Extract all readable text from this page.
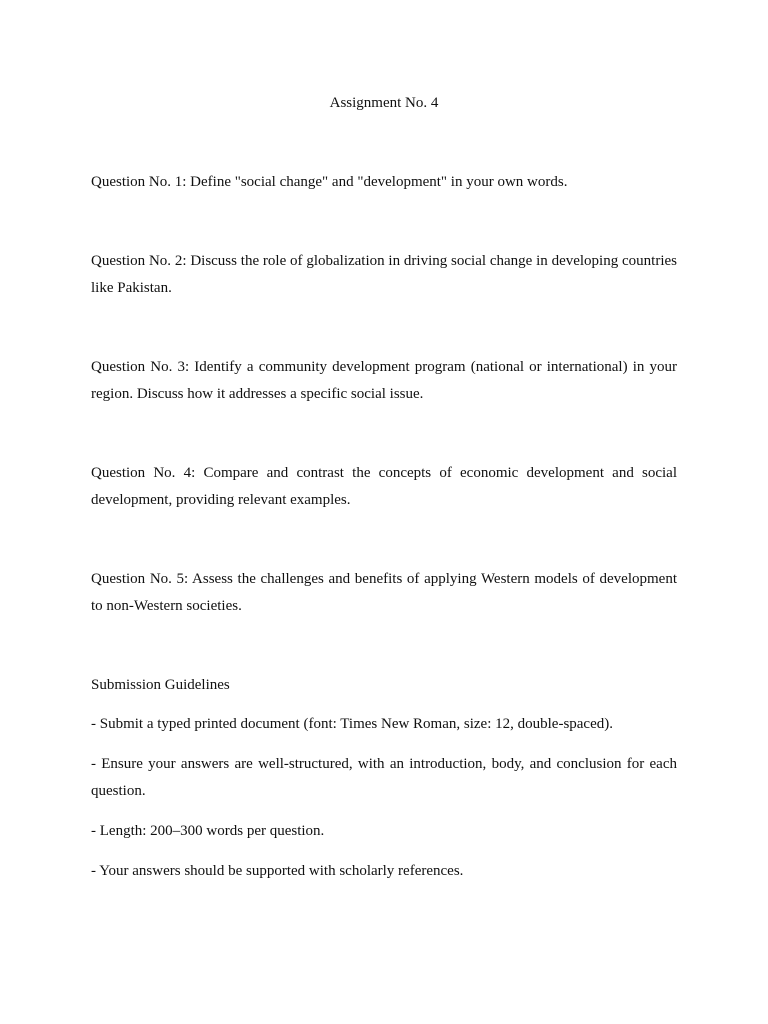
Assignment No. 4

Question No. 1: Define "social change" and "development" in your own words.

Question No. 2: Discuss the role of globalization in driving social change in developing countries like Pakistan.

Question No. 3: Identify a community development program (national or international) in your region. Discuss how it addresses a specific social issue.

Question No. 4: Compare and contrast the concepts of economic development and social development, providing relevant examples.

Question No. 5: Assess the challenges and benefits of applying Western models of development to non-Western societies.

Submission Guidelines

- Submit a typed printed document (font: Times New Roman, size: 12, double-spaced).
- Ensure your answers are well-structured, with an introduction, body, and conclusion for each question.
- Length: 200–300 words per question.
- Your answers should be supported with scholarly references.
